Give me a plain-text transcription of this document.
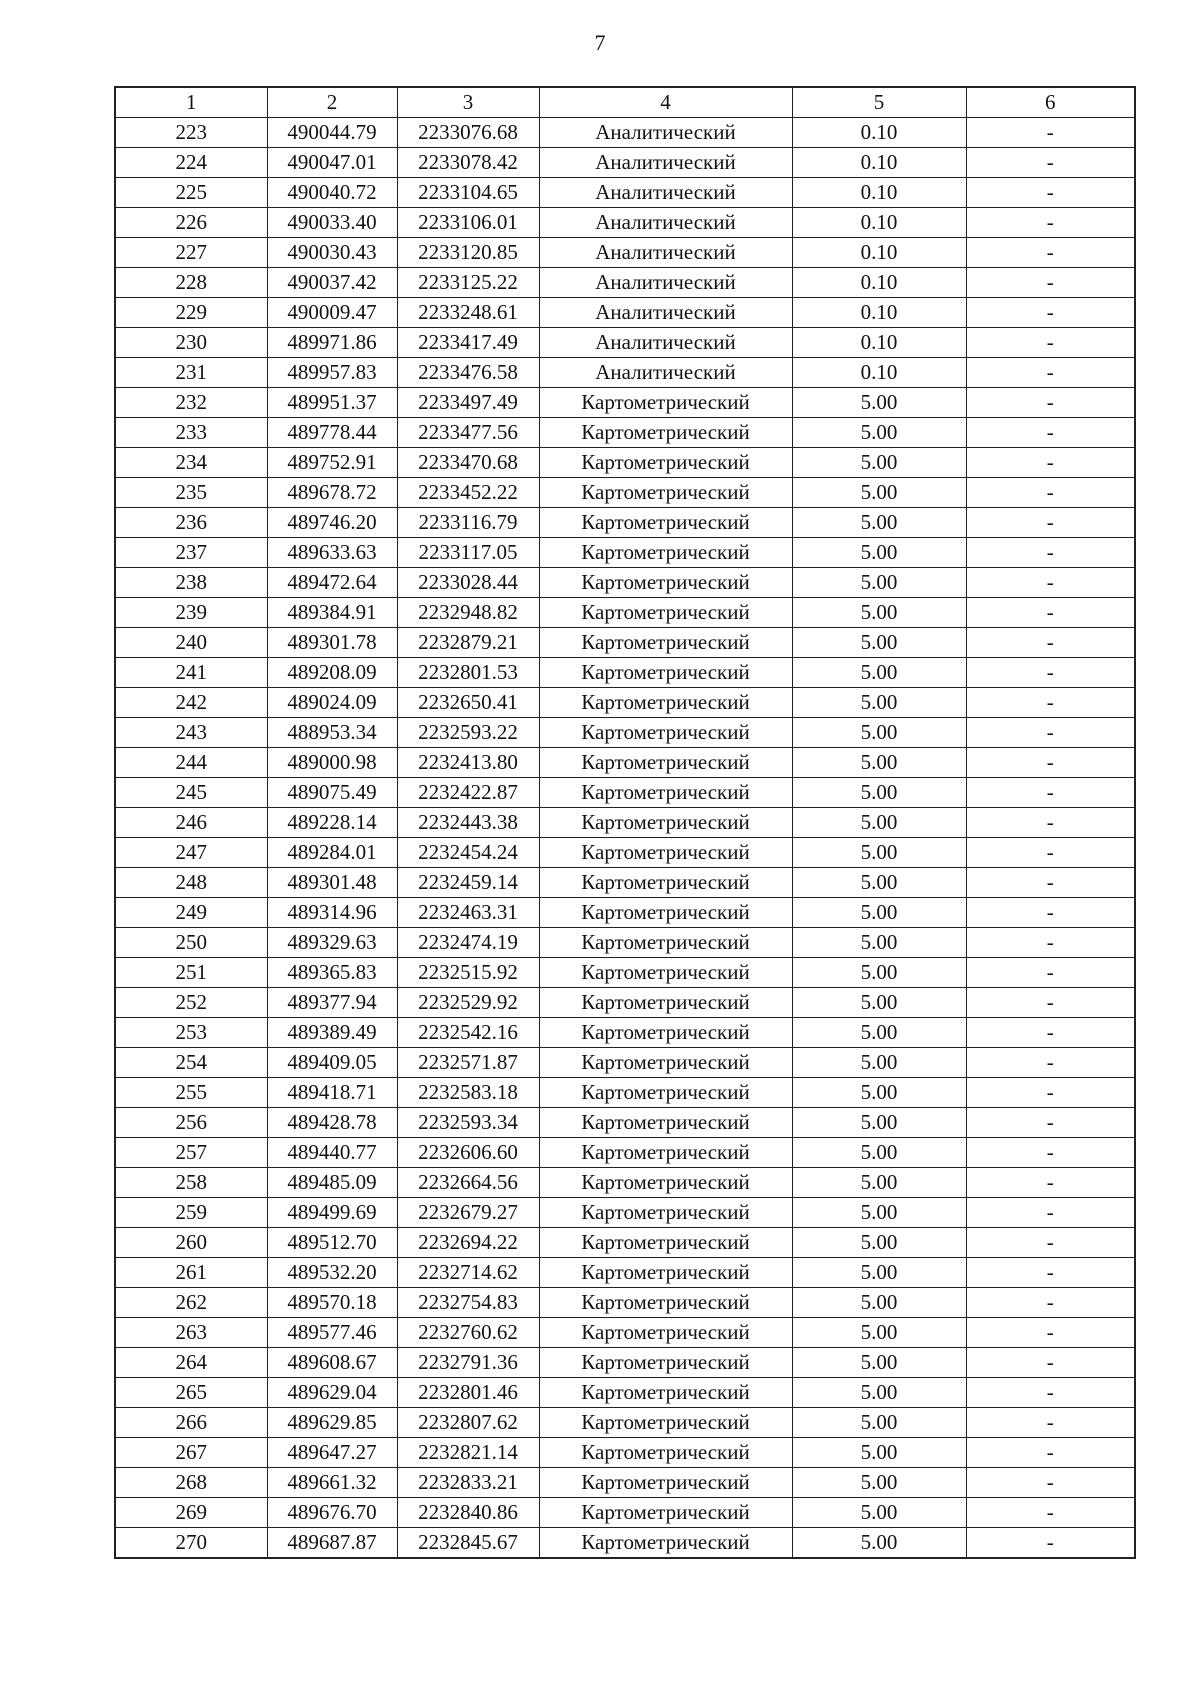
7
1	2	3	4	5	6
223	490044.79	2233076.68	Аналитический	0.10	-
224	490047.01	2233078.42	Аналитический	0.10	-
225	490040.72	2233104.65	Аналитический	0.10	-
226	490033.40	2233106.01	Аналитический	0.10	-
227	490030.43	2233120.85	Аналитический	0.10	-
228	490037.42	2233125.22	Аналитический	0.10	-
229	490009.47	2233248.61	Аналитический	0.10	-
230	489971.86	2233417.49	Аналитический	0.10	-
231	489957.83	2233476.58	Аналитический	0.10	-
232	489951.37	2233497.49	Картометрический	5.00	-
233	489778.44	2233477.56	Картометрический	5.00	-
234	489752.91	2233470.68	Картометрический	5.00	-
235	489678.72	2233452.22	Картометрический	5.00	-
236	489746.20	2233116.79	Картометрический	5.00	-
237	489633.63	2233117.05	Картометрический	5.00	-
238	489472.64	2233028.44	Картометрический	5.00	-
239	489384.91	2232948.82	Картометрический	5.00	-
240	489301.78	2232879.21	Картометрический	5.00	-
241	489208.09	2232801.53	Картометрический	5.00	-
242	489024.09	2232650.41	Картометрический	5.00	-
243	488953.34	2232593.22	Картометрический	5.00	-
244	489000.98	2232413.80	Картометрический	5.00	-
245	489075.49	2232422.87	Картометрический	5.00	-
246	489228.14	2232443.38	Картометрический	5.00	-
247	489284.01	2232454.24	Картометрический	5.00	-
248	489301.48	2232459.14	Картометрический	5.00	-
249	489314.96	2232463.31	Картометрический	5.00	-
250	489329.63	2232474.19	Картометрический	5.00	-
251	489365.83	2232515.92	Картометрический	5.00	-
252	489377.94	2232529.92	Картометрический	5.00	-
253	489389.49	2232542.16	Картометрический	5.00	-
254	489409.05	2232571.87	Картометрический	5.00	-
255	489418.71	2232583.18	Картометрический	5.00	-
256	489428.78	2232593.34	Картометрический	5.00	-
257	489440.77	2232606.60	Картометрический	5.00	-
258	489485.09	2232664.56	Картометрический	5.00	-
259	489499.69	2232679.27	Картометрический	5.00	-
260	489512.70	2232694.22	Картометрический	5.00	-
261	489532.20	2232714.62	Картометрический	5.00	-
262	489570.18	2232754.83	Картометрический	5.00	-
263	489577.46	2232760.62	Картометрический	5.00	-
264	489608.67	2232791.36	Картометрический	5.00	-
265	489629.04	2232801.46	Картометрический	5.00	-
266	489629.85	2232807.62	Картометрический	5.00	-
267	489647.27	2232821.14	Картометрический	5.00	-
268	489661.32	2232833.21	Картометрический	5.00	-
269	489676.70	2232840.86	Картометрический	5.00	-
270	489687.87	2232845.67	Картометрический	5.00	-
